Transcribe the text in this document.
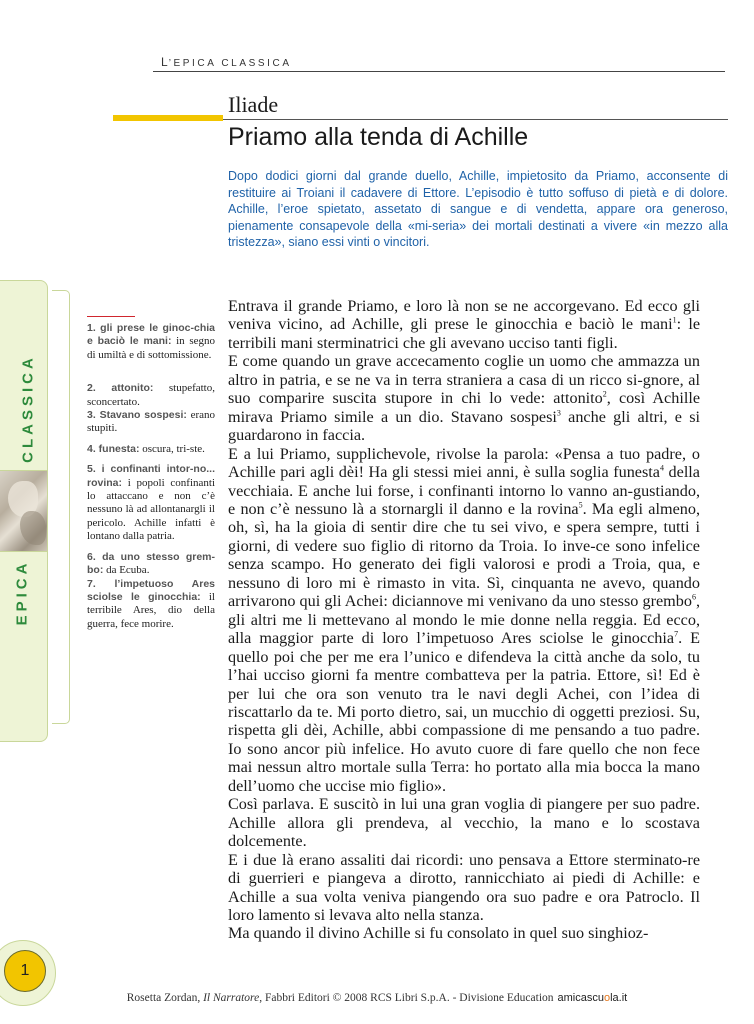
L’EPICA CLASSICA
Iliade
Priamo alla tenda di Achille

Dopo dodici giorni dal grande duello, Achille, impietosito da Priamo, acconsente di restituire ai Troiani il cadavere di Ettore. L’episodio è tutto soffuso di pietà e di dolore. Achille, l’eroe spietato, assetato di sangue e di vendetta, appare ora generoso, pienamente consapevole della «mi-seria» dei mortali destinati a vivere «in mezzo alla tristezza», siano essi vinti o vincitori.

CLASSICA
EPICA

1. gli prese le ginoc-chia e baciò le mani: in segno di umiltà e di sottomissione.

2. attonito: stupefatto, sconcertato.

3. Stavano sospesi: erano stupiti.

4. funesta: oscura, tri-ste.

5. i confinanti intor-no... rovina: i popoli confinanti lo attaccano e non c’è nessuno là ad allontanargli il pericolo. Achille infatti è lontano dalla patria.

6. da uno stesso grem-bo: da Ecuba.

7. l’impetuoso Ares sciolse le ginocchia: il terribile Ares, dio della guerra, fece morire.

Entrava il grande Priamo, e loro là non se ne accorgevano. Ed ecco gli veniva vicino, ad Achille, gli prese le ginocchia e baciò le mani$^1$: le terribili mani sterminatrici che gli avevano ucciso tanti figli.

E come quando un grave accecamento coglie un uomo che ammazza un altro in patria, e se ne va in terra straniera a casa di un ricco si-gnore, al suo comparire suscita stupore in chi lo vede: attonito$^2$, così Achille mirava Priamo simile a un dio. Stavano sospesi$^3$ anche gli altri, e si guardarono in faccia.

E a lui Priamo, supplichevole, rivolse la parola: «Pensa a tuo padre, o Achille pari agli dèi! Ha gli stessi miei anni, è sulla soglia funesta$^4$ della vecchiaia. E anche lui forse, i confinanti intorno lo vanno an-gustiando, e non c’è nessuno là a stornargli il danno e la rovina$^5$. Ma egli almeno, oh, sì, ha la gioia di sentir dire che tu sei vivo, e spera sempre, tutti i giorni, di vedere suo figlio di ritorno da Troia. Io inve-ce sono infelice senza scampo. Ho generato dei figli valorosi e prodi a Troia, qua, e nessuno di loro mi è rimasto in vita. Sì, cinquanta ne avevo, quando arrivarono qui gli Achei: diciannove mi venivano da uno stesso grembo$^6$, gli altri me li mettevano al mondo le mie donne nella reggia. Ed ecco, alla maggior parte di loro l’impetuoso Ares sciolse le ginocchia$^7$. E quello poi che per me era l’unico e difendeva la città anche da solo, tu l’hai ucciso giorni fa mentre combatteva per la patria. Ettore, sì! Ed è per lui che ora son venuto tra le navi degli Achei, con l’idea di riscattarlo da te. Mi porto dietro, sai, un mucchio di oggetti preziosi. Su, rispetta gli dèi, Achille, abbi compassione di me pensando a tuo padre. Io sono ancor più infelice. Ho avuto cuore di fare quello che non fece mai nessun altro mortale sulla Terra: ho portato alla mia bocca la mano dell’uomo che uccise mio figlio».

Così parlava. E suscitò in lui una gran voglia di piangere per suo padre. Achille allora gli prendeva, al vecchio, la mano e lo scostava dolcemente.

E i due là erano assaliti dai ricordi: uno pensava a Ettore sterminato-re di guerrieri e piangeva a dirotto, rannicchiato ai piedi di Achille: e Achille a sua volta veniva piangendo ora suo padre e ora Patroclo. Il loro lamento si levava alto nella stanza.

Ma quando il divino Achille si fu consolato in quel suo singhioz-

1
Rosetta Zordan, Il Narratore, Fabbri Editori © 2008 RCS Libri S.p.A. - Divisione Education amicascuola.it
